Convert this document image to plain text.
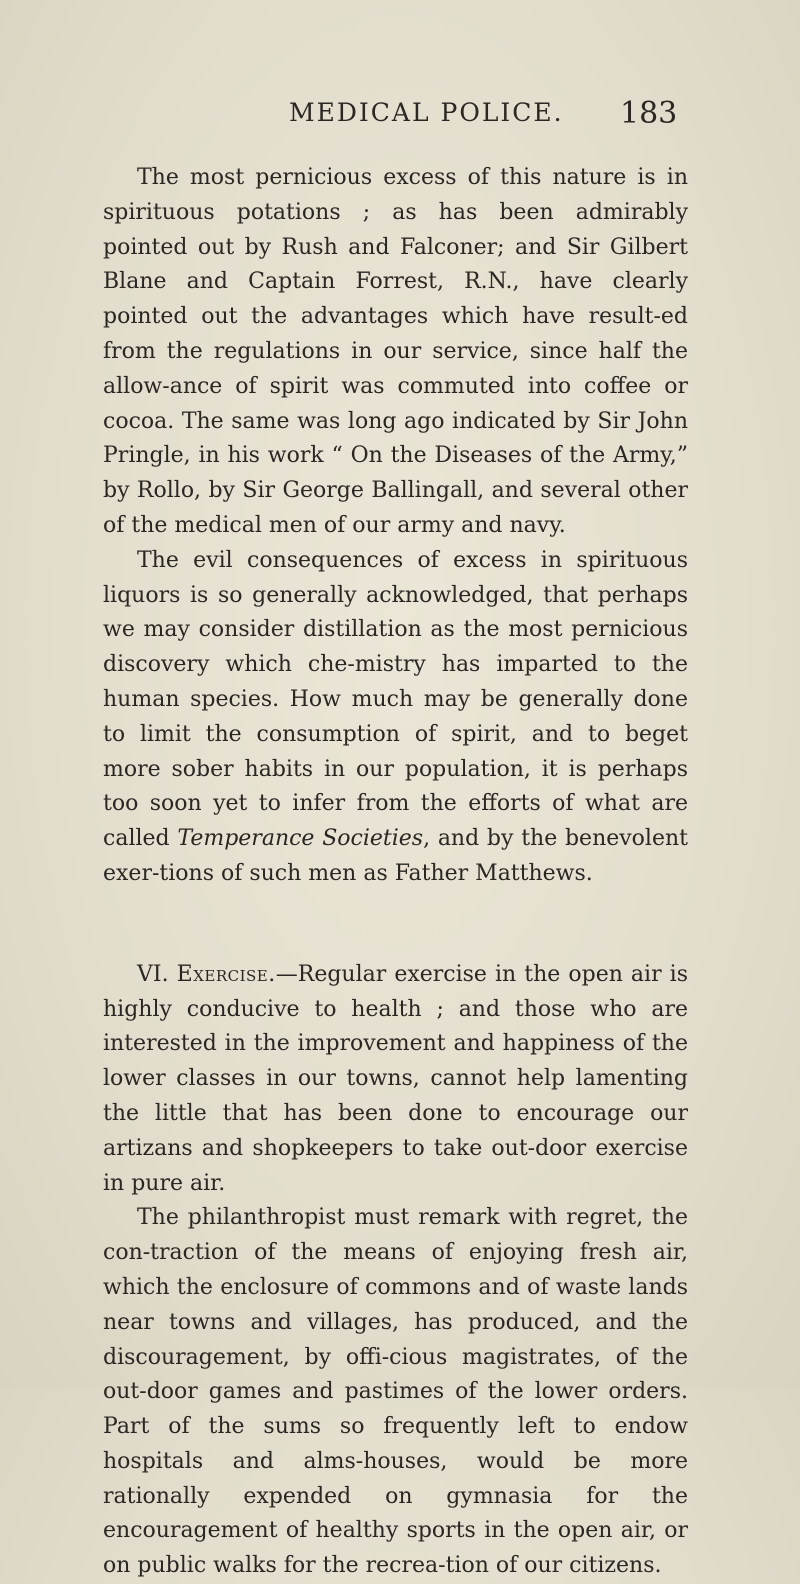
MEDICAL POLICE. 183

The most pernicious excess of this nature is in spirituous potations ; as has been admirably pointed out by Rush and Falconer; and Sir Gilbert Blane and Captain Forrest, R.N., have clearly pointed out the advantages which have result-ed from the regulations in our service, since half the allow-ance of spirit was commuted into coffee or cocoa. The same was long ago indicated by Sir John Pringle, in his work “ On the Diseases of the Army,” by Rollo, by Sir George Ballingall, and several other of the medical men of our army and navy.

The evil consequences of excess in spirituous liquors is so generally acknowledged, that perhaps we may consider distillation as the most pernicious discovery which che-mistry has imparted to the human species. How much may be generally done to limit the consumption of spirit, and to beget more sober habits in our population, it is perhaps too soon yet to infer from the efforts of what are called Temperance Societies, and by the benevolent exer-tions of such men as Father Matthews.

VI. Exercise.—Regular exercise in the open air is highly conducive to health ; and those who are interested in the improvement and happiness of the lower classes in our towns, cannot help lamenting the little that has been done to encourage our artizans and shopkeepers to take out-door exercise in pure air.

The philanthropist must remark with regret, the con-traction of the means of enjoying fresh air, which the enclosure of commons and of waste lands near towns and villages, has produced, and the discouragement, by offi-cious magistrates, of the out-door games and pastimes of the lower orders. Part of the sums so frequently left to endow hospitals and alms-houses, would be more rationally expended on gymnasia for the encouragement of healthy sports in the open air, or on public walks for the recrea-tion of our citizens.
